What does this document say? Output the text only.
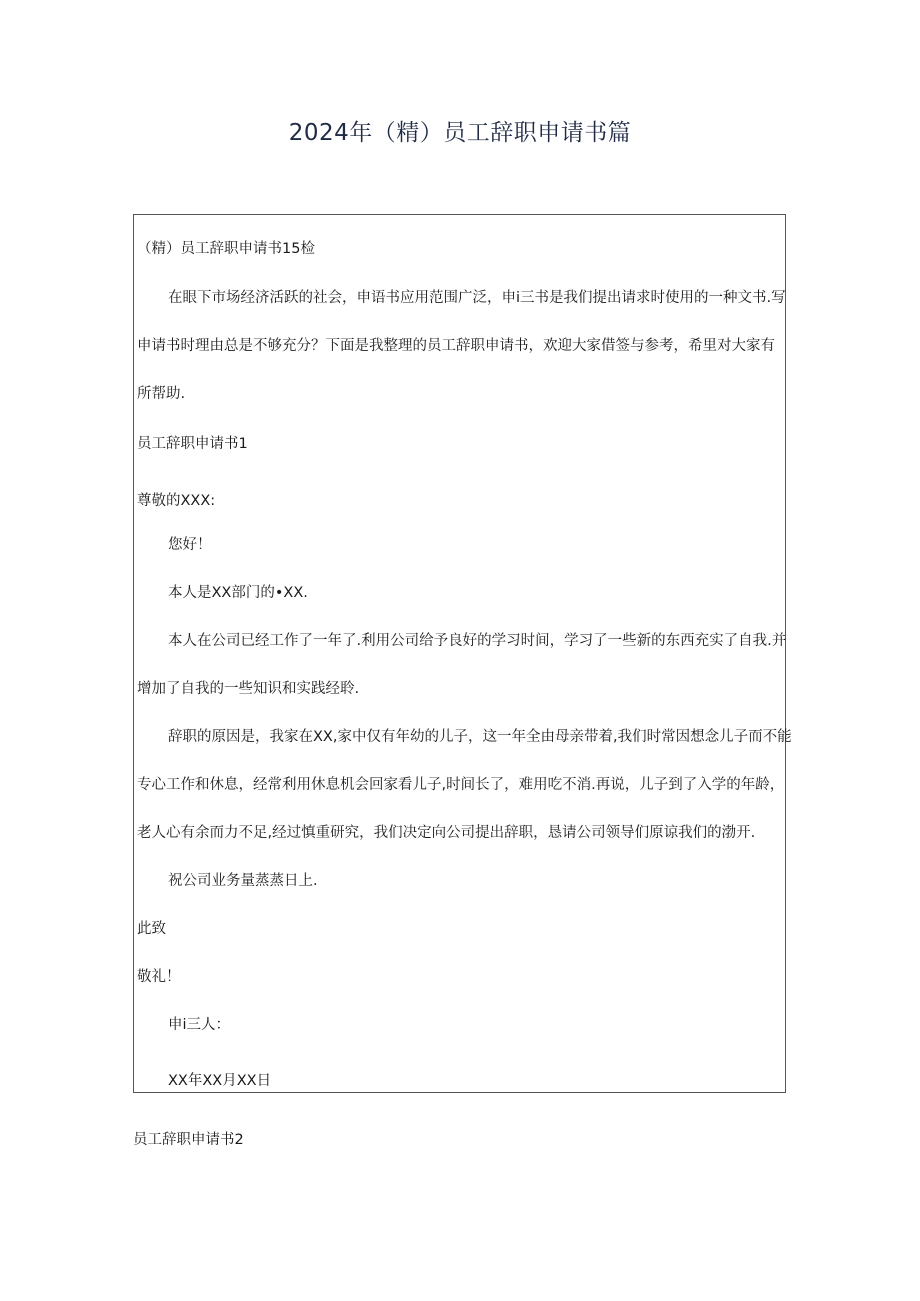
2024年（精）员工辞职申请书篇
（精）员工辞职申请书15检
在眼下市场经济活跃的社会，申语书应用范围广泛，申i三书是我们提出请求时使用的一种文书.写
申请书时理由总是不够充分？下面是我整理的员工辞职申请书，欢迎大家借签与参考，希里对大家有
所帮助.
员工辞职申请书1
尊敬的XXX:
您好！
本人是XX部门的•XX.
本人在公司已经工作了一年了.利用公司给予良好的学习时间，学习了一些新的东西充实了自我.并
增加了自我的一些知识和实践经聆.
辞职的原因是，我家在XX,家中仅有年幼的儿子，这一年全由母亲带着,我们时常因想念儿子而不能
专心工作和休息，经常利用休息机会回家看儿子,时间长了，难用吃不消.再说，儿子到了入学的年龄，
老人心有余而力不足,经过慎重研究，我们决定向公司提出辞职，恳请公司领导们原谅我们的渤开.
祝公司业务量蒸蒸日上.
此致
敬礼！
申i三人：
XX年XX月XX日
员工辞职申请书2
